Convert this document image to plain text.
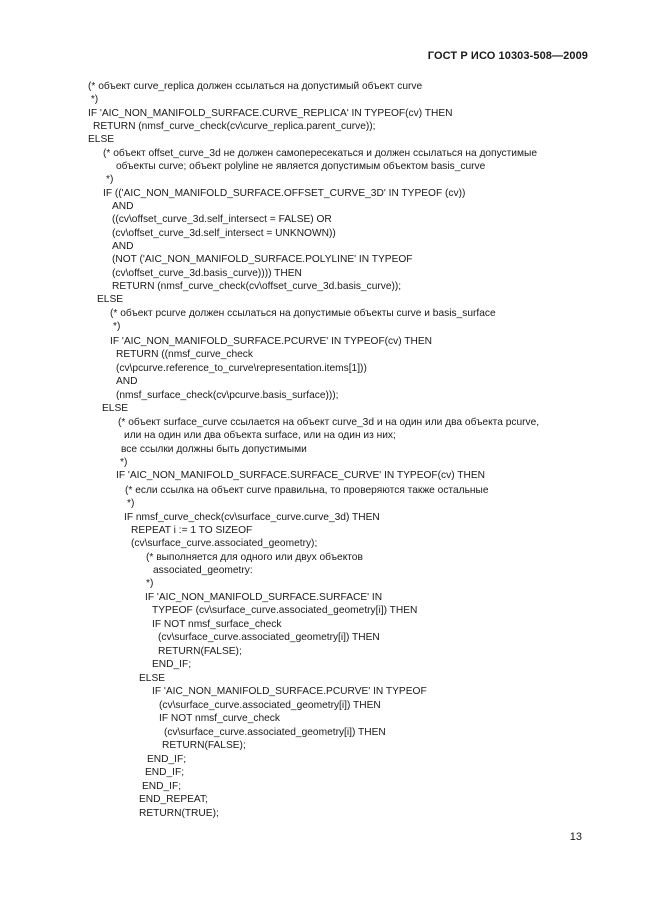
ГОСТ Р ИСО 10303-508—2009
(* объект curve_replica должен ссылаться на допустимый объект curve
*)
IF 'AIC_NON_MANIFOLD_SURFACE.CURVE_REPLICA' IN TYPEOF(cv) THEN
RETURN (nmsf_curve_check(cv\curve_replica.parent_curve));
ELSE
(* объект offset_curve_3d не должен самопересекаться и должен ссылаться на допустимые
объекты curve; объект polyline не является допустимым объектом basis_curve
*)
IF (('AIC_NON_MANIFOLD_SURFACE.OFFSET_CURVE_3D' IN TYPEOF (cv))
AND
((cv\offset_curve_3d.self_intersect = FALSE) OR
(cv\offset_curve_3d.self_intersect = UNKNOWN))
AND
(NOT ('AIC_NON_MANIFOLD_SURFACE.POLYLINE' IN TYPEOF
(cv\offset_curve_3d.basis_curve)))) THEN
RETURN (nmsf_curve_check(cv\offset_curve_3d.basis_curve));
ELSE
(* объект pcurve должен ссылаться на допустимые объекты curve и basis_surface
*)
IF 'AIC_NON_MANIFOLD_SURFACE.PCURVE' IN TYPEOF(cv) THEN
RETURN ((nmsf_curve_check
(cv\pcurve.reference_to_curve\representation.items[1]))
AND
(nmsf_surface_check(cv\pcurve.basis_surface)));
ELSE
(* объект surface_curve ссылается на объект curve_3d и на один или два объекта pcurve,
или на один или два объекта surface, или на один из них;
все ссылки должны быть допустимыми
*)
IF 'AIC_NON_MANIFOLD_SURFACE.SURFACE_CURVE' IN TYPEOF(cv) THEN
(* если ссылка на объект curve правильна, то проверяются также остальные
*)
IF nmsf_curve_check(cv\surface_curve.curve_3d) THEN
REPEAT i := 1 TO SIZEOF
(cv\surface_curve.associated_geometry);
(* выполняется для одного или двух объектов
associated_geometry:
*)
IF 'AIC_NON_MANIFOLD_SURFACE.SURFACE' IN
TYPEOF (cv\surface_curve.associated_geometry[i]) THEN
IF NOT nmsf_surface_check
(cv\surface_curve.associated_geometry[i]) THEN
RETURN(FALSE);
END_IF;
ELSE
IF 'AIC_NON_MANIFOLD_SURFACE.PCURVE' IN TYPEOF
(cv\surface_curve.associated_geometry[i]) THEN
IF NOT nmsf_curve_check
(cv\surface_curve.associated_geometry[i]) THEN
RETURN(FALSE);
END_IF;
END_IF;
END_IF;
END_REPEAT;
RETURN(TRUE);
13
